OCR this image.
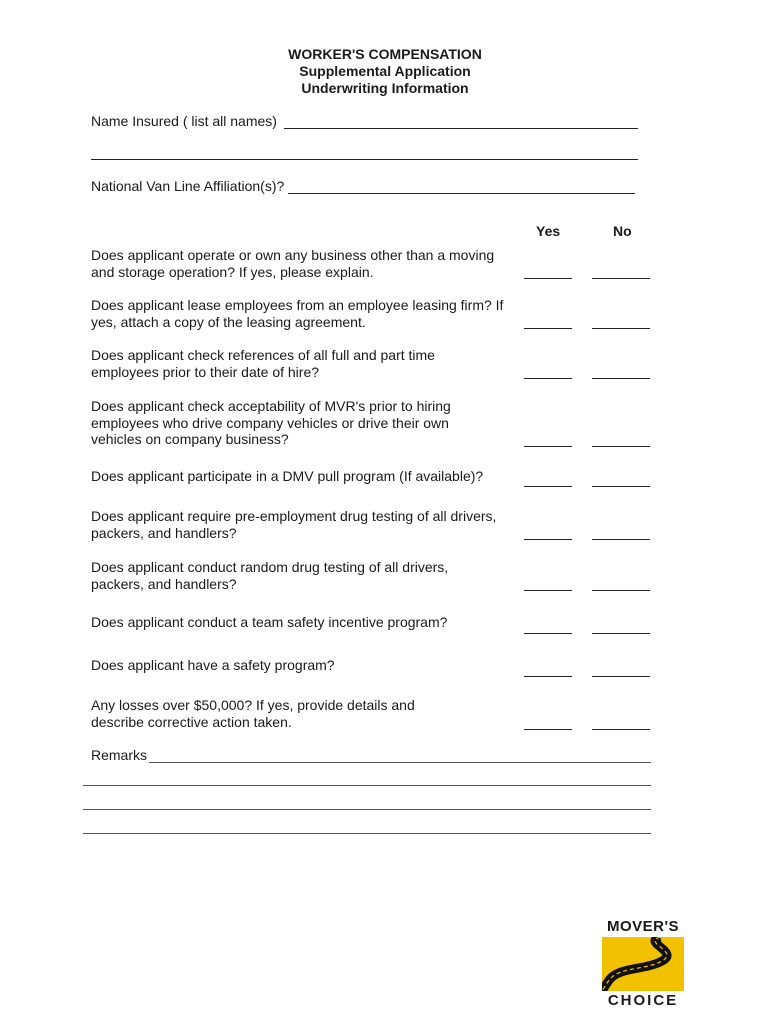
WORKER'S COMPENSATION
Supplemental Application
Underwriting Information
Name Insured ( list all names)
National Van Line Affiliation(s)?
Yes	No
Does applicant operate or own any business other than a moving and storage operation? If yes, please explain.
Does applicant lease employees from an employee leasing firm? If yes, attach a copy of the leasing agreement.
Does applicant check references of all full and part time employees prior to their date of hire?
Does applicant check acceptability of MVR's prior to hiring employees who drive company vehicles or drive their own vehicles on company business?
Does applicant participate in a DMV pull program (If available)?
Does applicant require pre-employment drug testing of all drivers, packers, and handlers?
Does applicant conduct random drug testing of all drivers, packers, and handlers?
Does applicant conduct a team safety incentive program?
Does applicant have a safety program?
Any losses over $50,000? If yes, provide details and describe corrective action taken.
Remarks
MOVER'S
CHOICE
